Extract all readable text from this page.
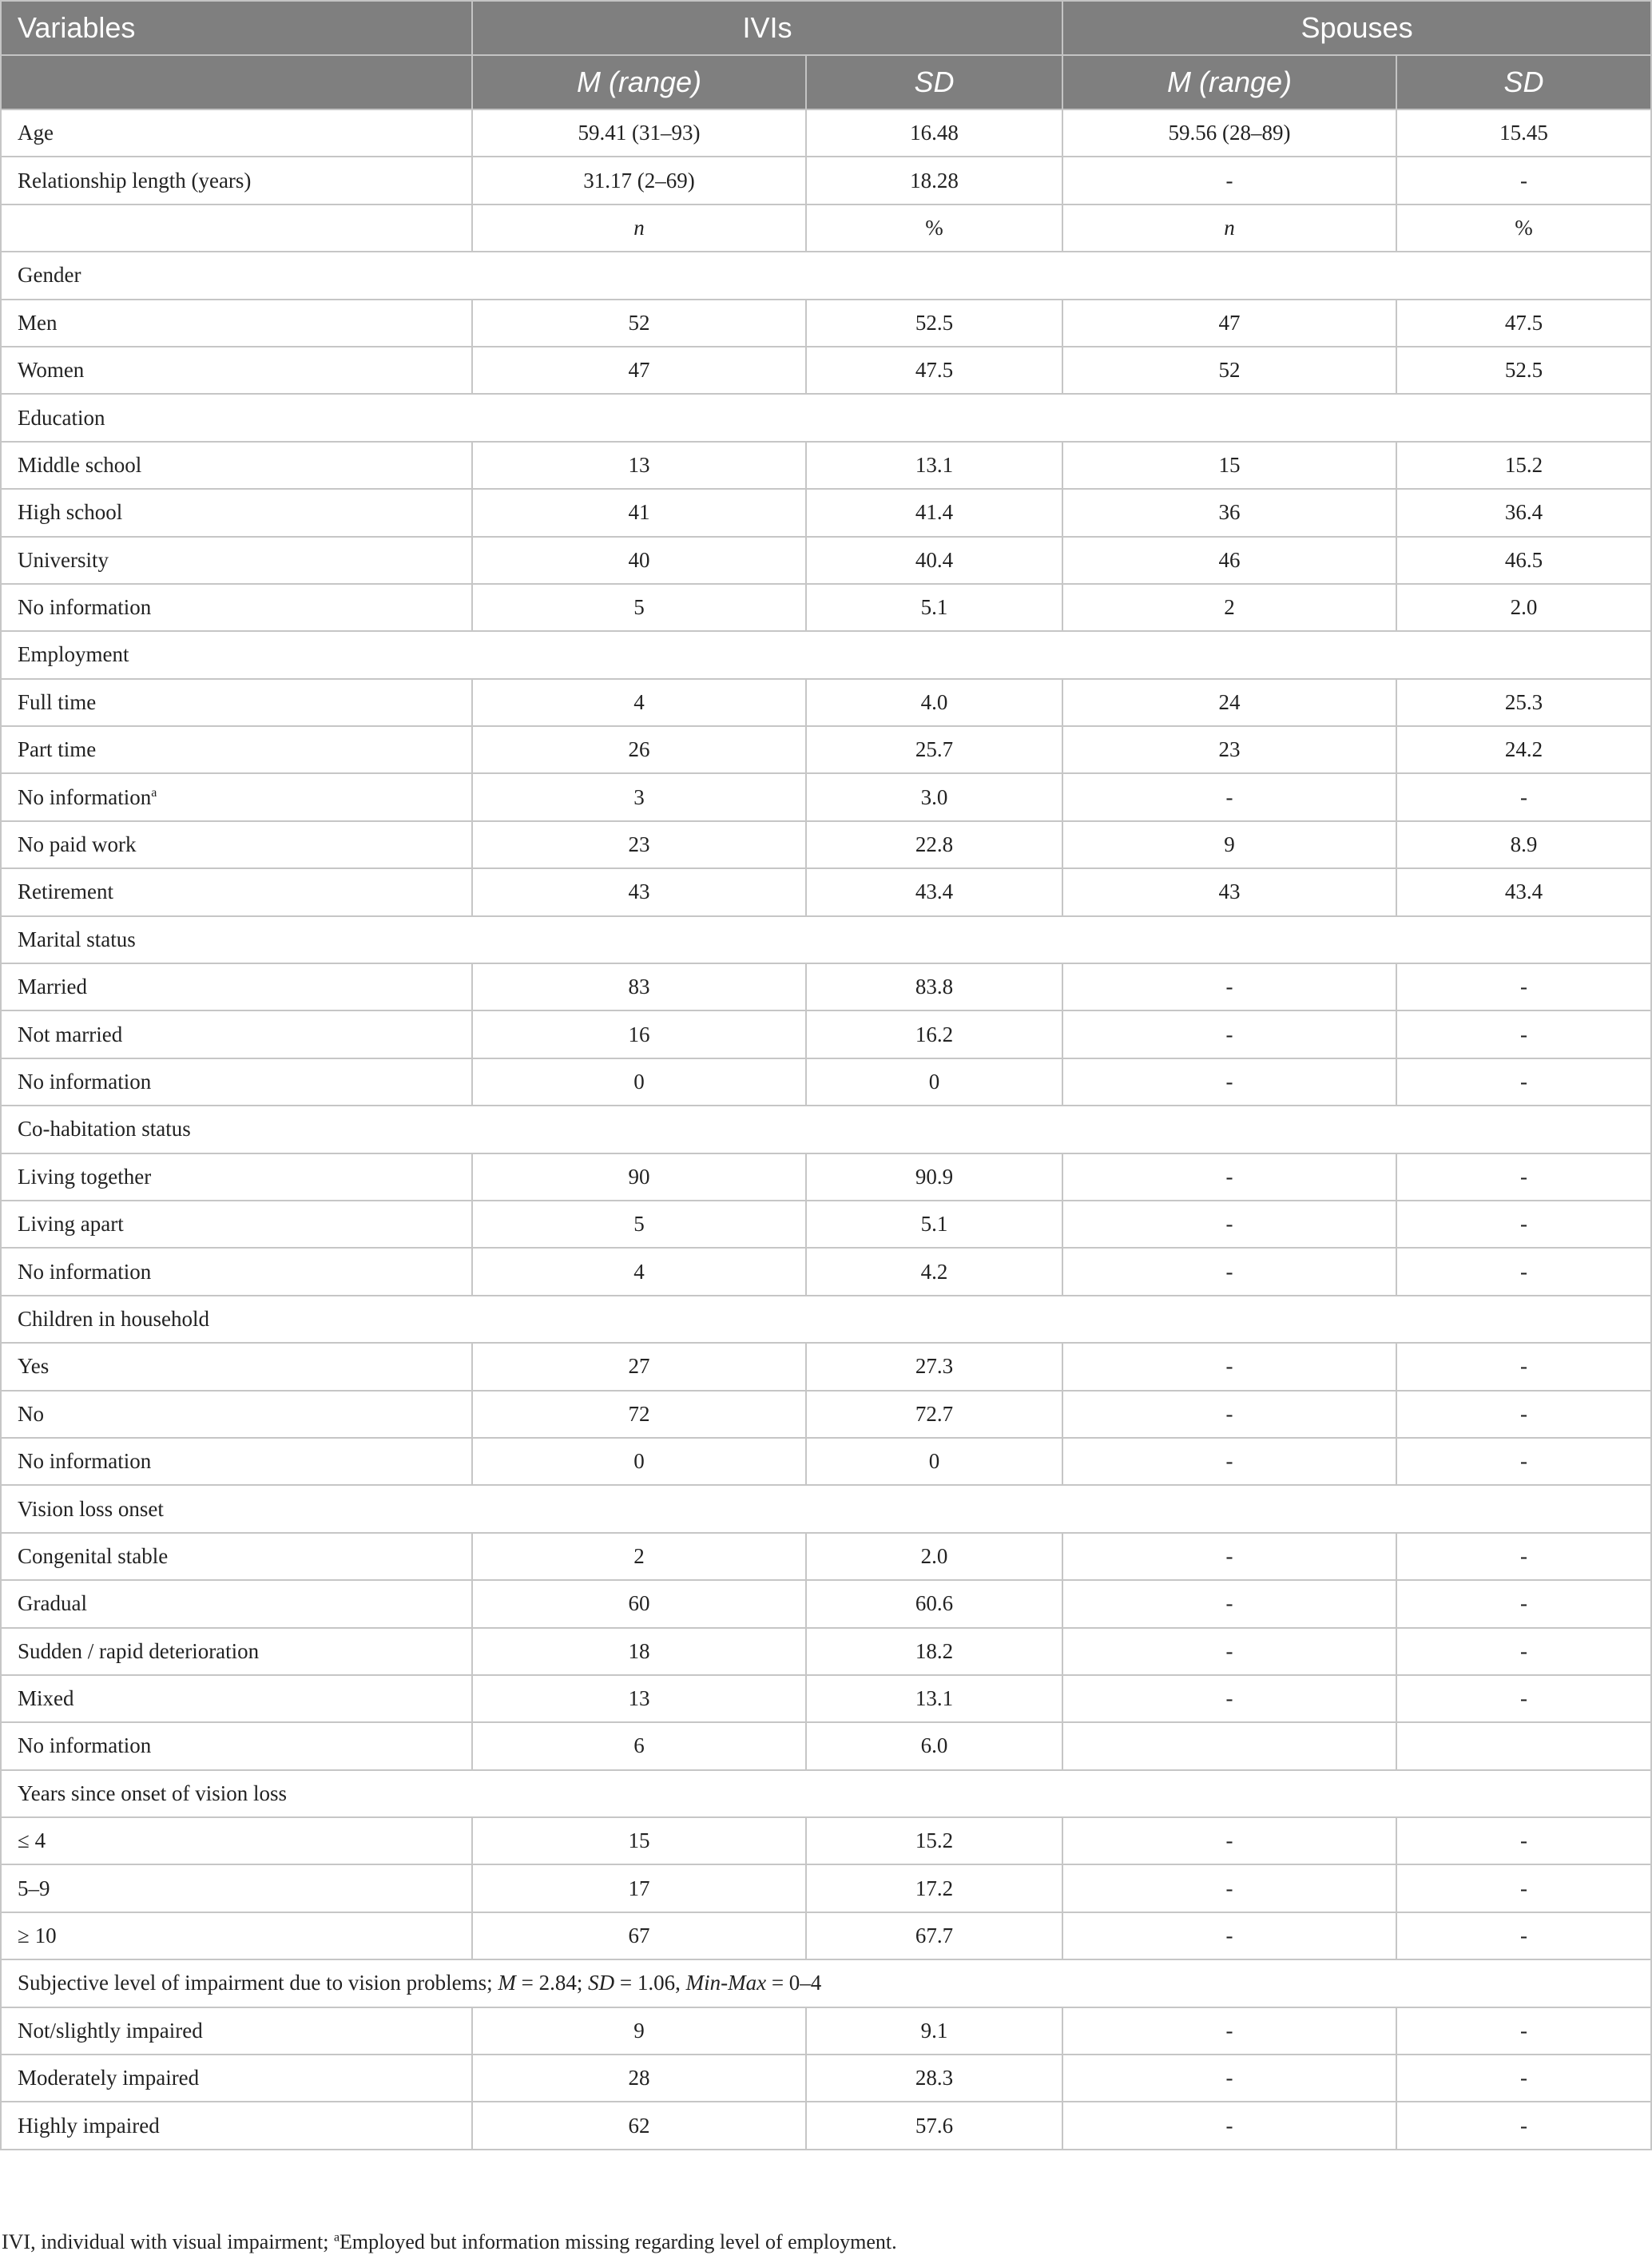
Variables	IVIs		Spouses	
	M (range)	SD	M (range)	SD
Age	59.41 (31–93)	16.48	59.56 (28–89)	15.45
Relationship length (years)	31.17 (2–69)	18.28	-	-
	n	%	n	%
Gender				
Men	52	52.5	47	47.5
Women	47	47.5	52	52.5
Education				
Middle school	13	13.1	15	15.2
High school	41	41.4	36	36.4
University	40	40.4	46	46.5
No information	5	5.1	2	2.0
Employment				
Full time	4	4.0	24	25.3
Part time	26	25.7	23	24.2
No information$^a$	3	3.0	-	-
No paid work	23	22.8	9	8.9
Retirement	43	43.4	43	43.4
Marital status				
Married	83	83.8	-	-
Not married	16	16.2	-	-
No information	0	0	-	-
Co-habitation status				
Living together	90	90.9	-	-
Living apart	5	5.1	-	-
No information	4	4.2	-	-
Children in household				
Yes	27	27.3	-	-
No	72	72.7	-	-
No information	0	0	-	-
Vision loss onset				
Congenital stable	2	2.0	-	-
Gradual	60	60.6	-	-
Sudden / rapid deterioration	18	18.2	-	-
Mixed	13	13.1	-	-
No information	6	6.0		
Years since onset of vision loss				
≤ 4	15	15.2	-	-
5–9	17	17.2	-	-
≥ 10	67	67.7	-	-
Subjective level of impairment due to vision problems; M = 2.84; SD = 1.06, Min-Max = 0–4				
Not/slightly impaired	9	9.1	-	-
Moderately impaired	28	28.3	-	-
Highly impaired	62	57.6	-	-
IVI, individual with visual impairment; $^a$Employed but information missing regarding level of employment.
